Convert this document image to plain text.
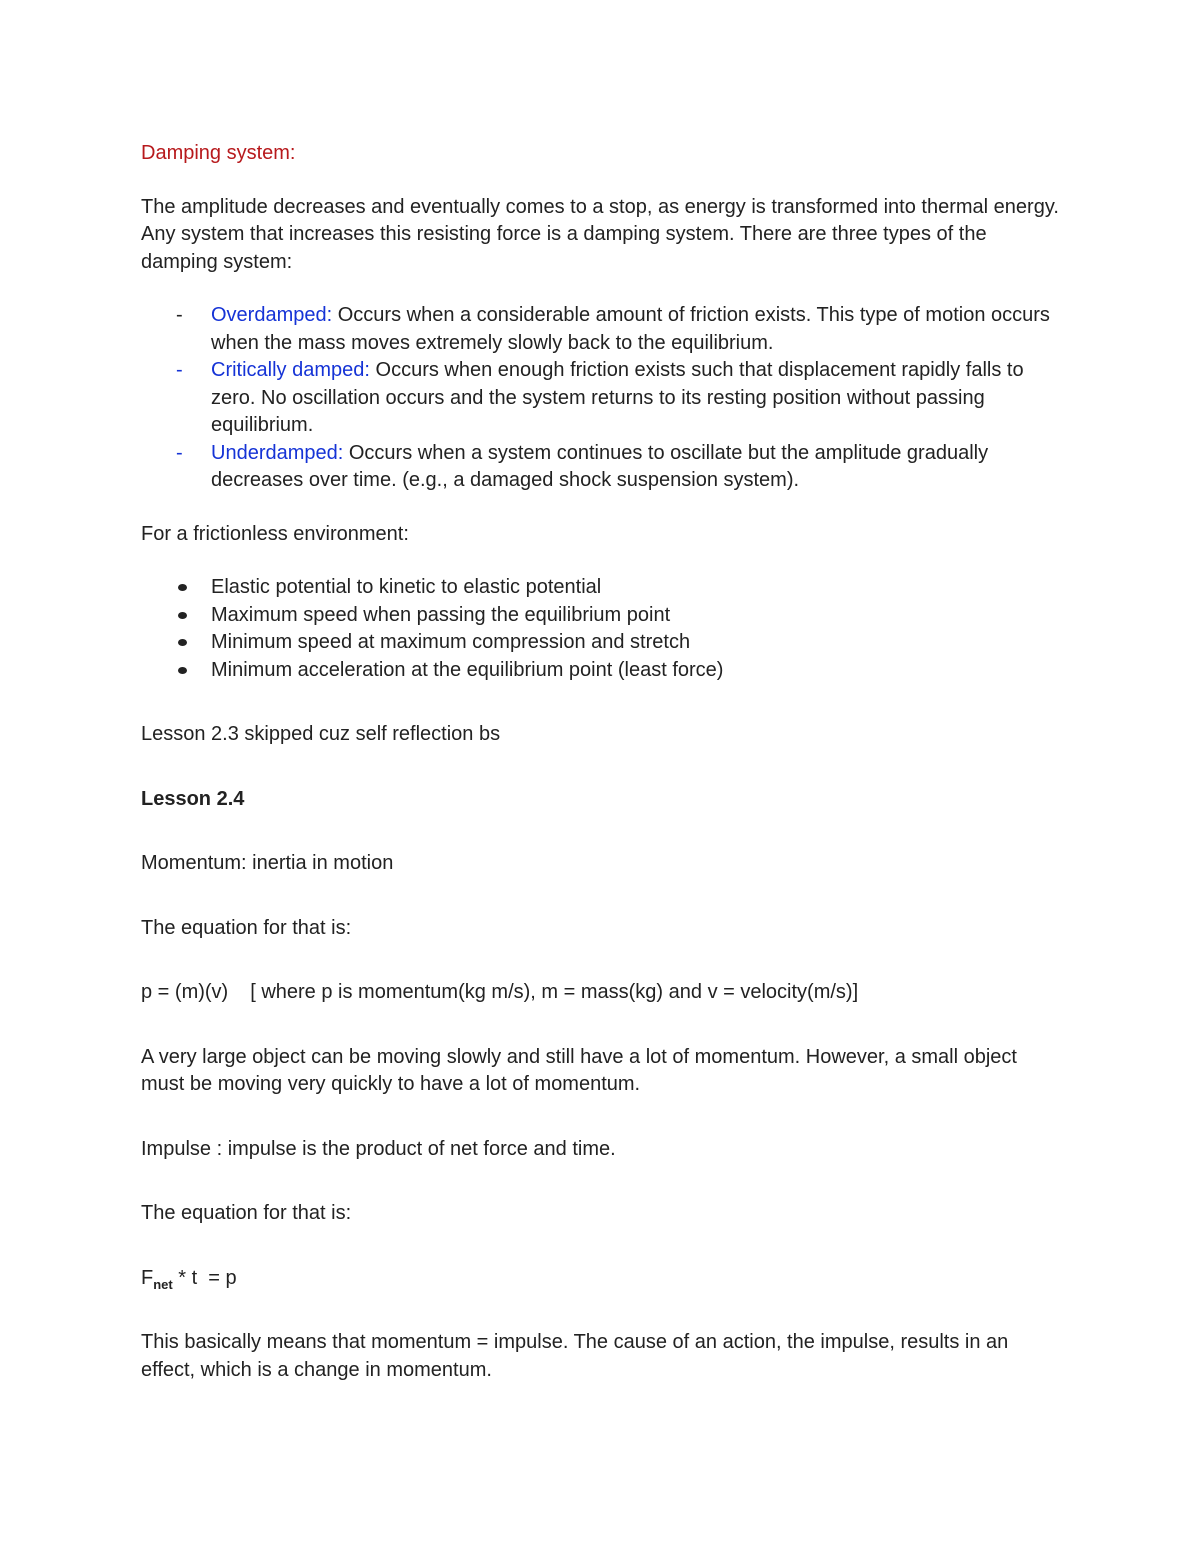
Damping system:

The amplitude decreases and eventually comes to a stop, as energy is transformed into thermal energy. Any system that increases this resisting force is a damping system. There are three types of the damping system:

-	Overdamped: Occurs when a considerable amount of friction exists. This type of motion occurs when the mass moves extremely slowly back to the equilibrium.
-	Critically damped: Occurs when enough friction exists such that displacement rapidly falls to zero. No oscillation occurs and the system returns to its resting position without passing equilibrium.
-	Underdamped: Occurs when a system continues to oscillate but the amplitude gradually decreases over time. (e.g., a damaged shock suspension system).

For a frictionless environment:

Elastic potential to kinetic to elastic potential
Maximum speed when passing the equilibrium point
Minimum speed at maximum compression and stretch
Minimum acceleration at the equilibrium point (least force)

Lesson 2.3 skipped cuz self reflection bs

Lesson 2.4

Momentum: inertia in motion

The equation for that is:

p = (m)(v) [ where p is momentum(kg m/s), m = mass(kg) and v = velocity(m/s)]

A very large object can be moving slowly and still have a lot of momentum. However, a small object must be moving very quickly to have a lot of momentum.

Impulse : impulse is the product of net force and time.

The equation for that is:

$F_{net} * t = p$

This basically means that momentum = impulse. The cause of an action, the impulse, results in an effect, which is a change in momentum.
